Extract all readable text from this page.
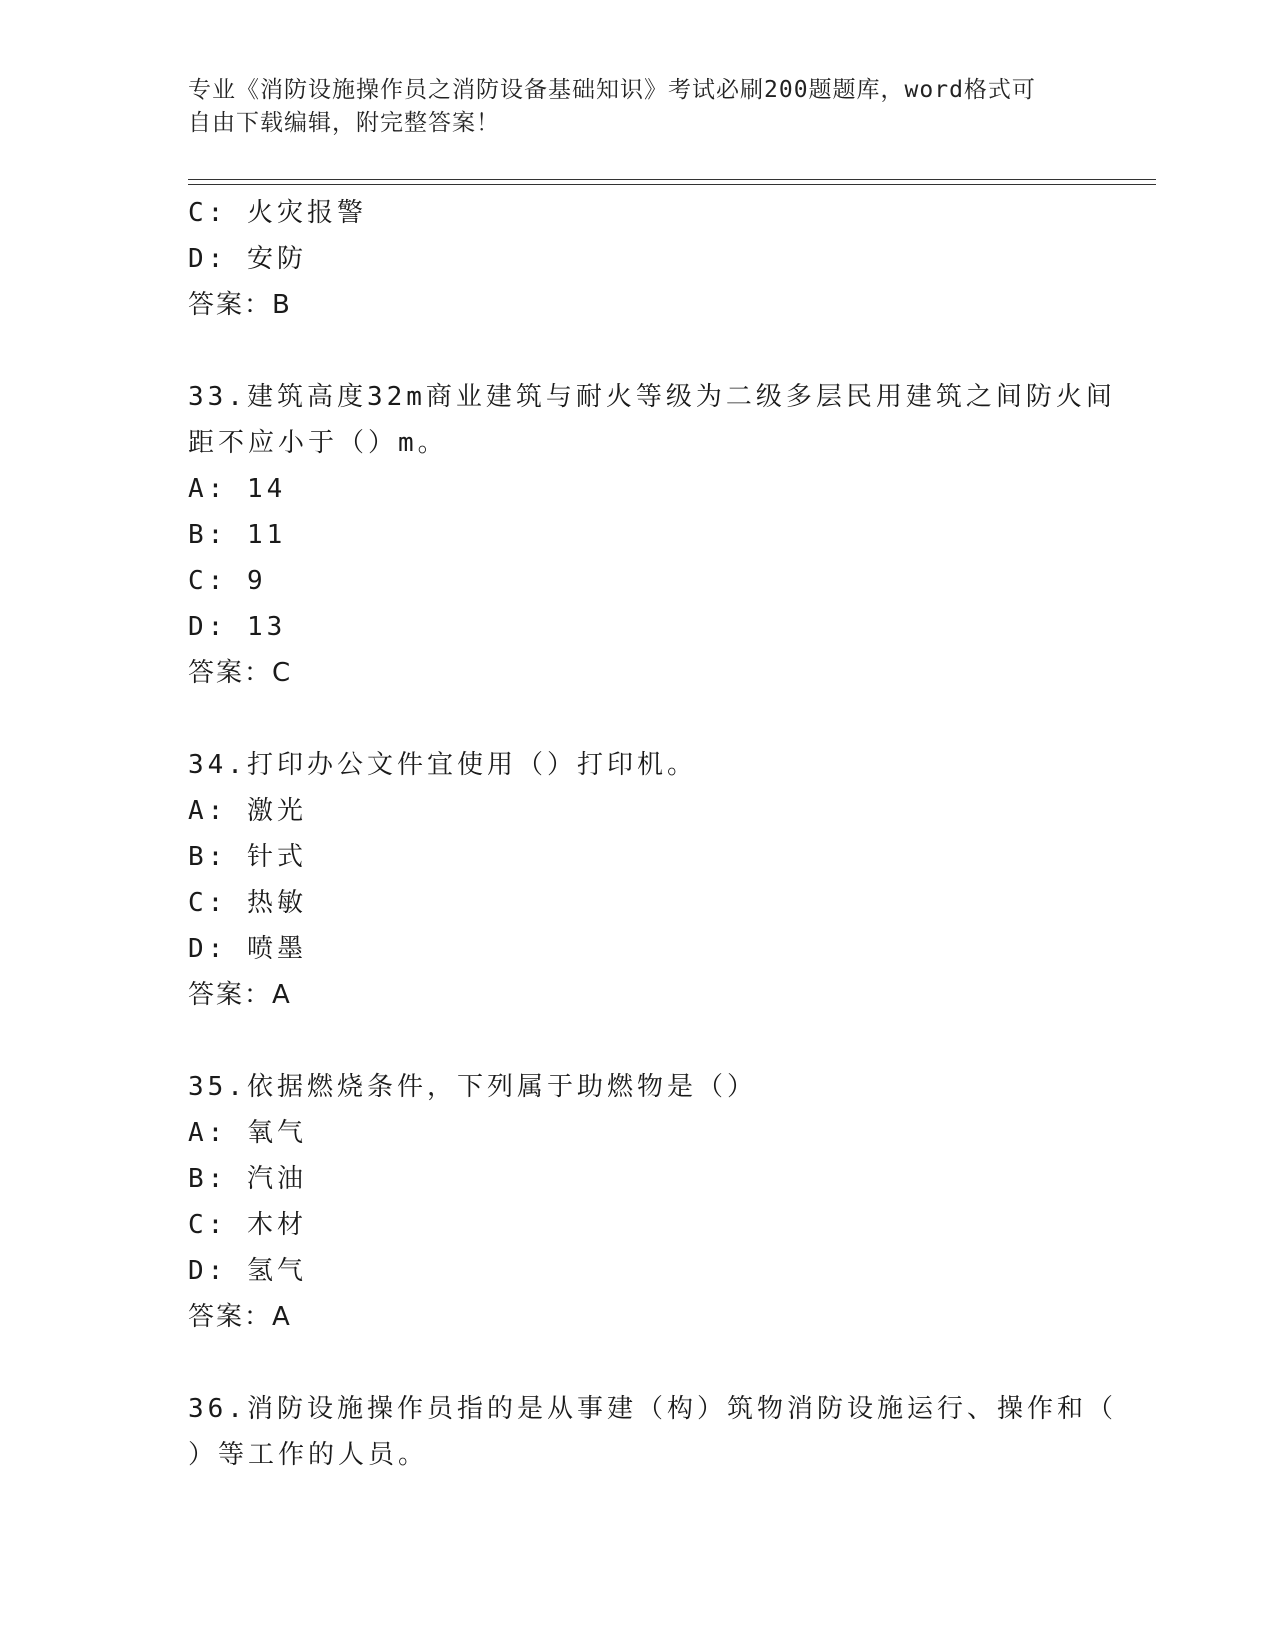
专业《消防设施操作员之消防设备基础知识》考试必刷200题题库，word格式可
自由下载编辑，附完整答案！
C: 火灾报警
D: 安防
答案：B
33.建筑高度32m商业建筑与耐火等级为二级多层民用建筑之间防火间
距不应小于（）m。
A: 14
B: 11
C: 9
D: 13
答案：C
34.打印办公文件宜使用（）打印机。
A: 激光
B: 针式
C: 热敏
D: 喷墨
答案：A
35.依据燃烧条件，下列属于助燃物是（）
A: 氧气
B: 汽油
C: 木材
D: 氢气
答案：A
36.消防设施操作员指的是从事建（构）筑物消防设施运行、操作和（
）等工作的人员。
